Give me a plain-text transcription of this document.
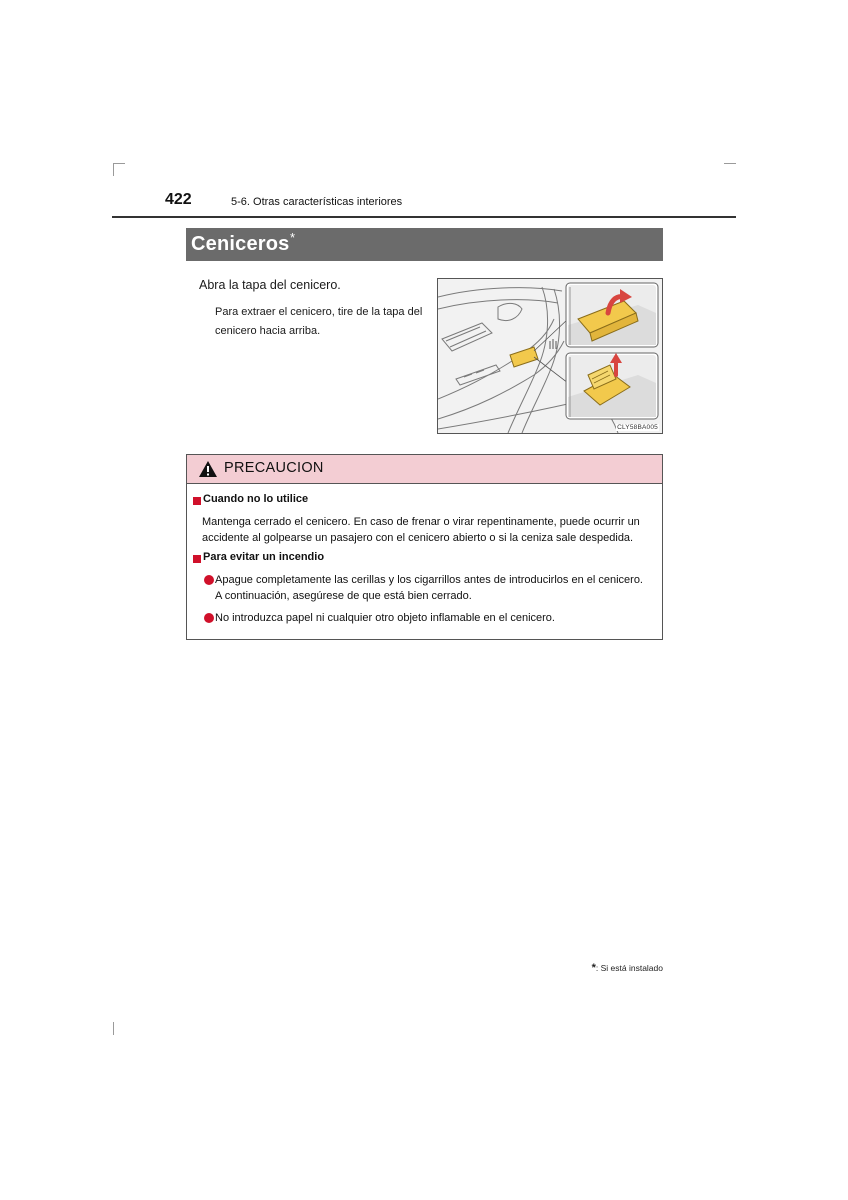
422	5-6. Otras características interiores
Ceniceros *
Abra la tapa del cenicero.
Para extraer el cenicero, tire de la tapa del
cenicero hacia arriba.
CLY58BA005
PRECAUCION
Cuando no lo utilice
Mantenga cerrado el cenicero. En caso de frenar o virar repentinamente, puede ocurrir un
accidente al golpearse un pasajero con el cenicero abierto o si la ceniza sale despedida.
Para evitar un incendio
Apague completamente las cerillas y los cigarrillos antes de introducirlos en el cenicero.
A continuación, asegúrese de que está bien cerrado.
No introduzca papel ni cualquier otro objeto inflamable en el cenicero.
*: Si está instalado
